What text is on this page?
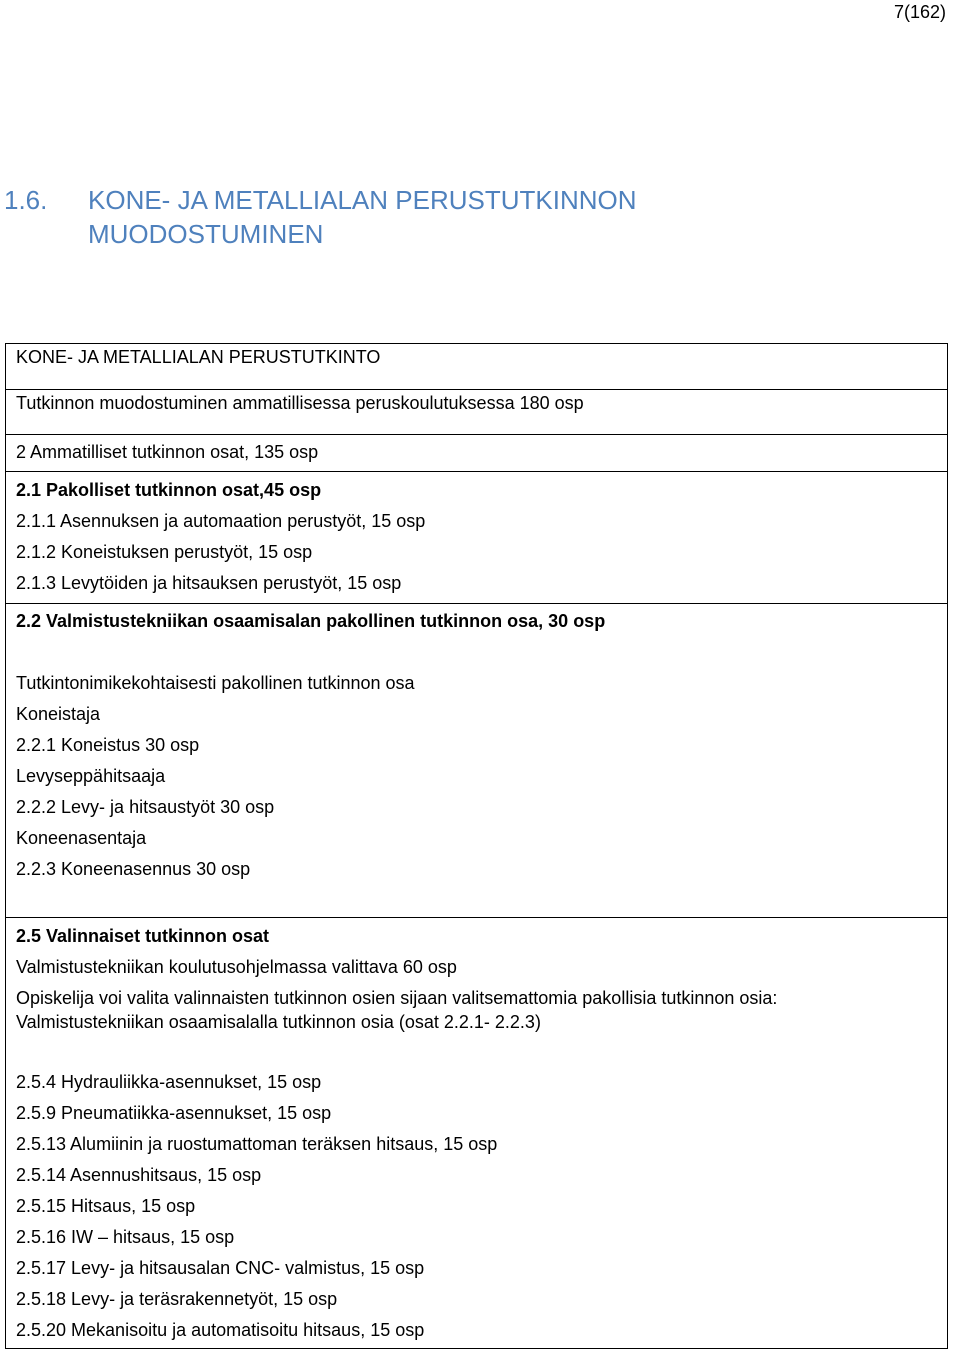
7(162)
1.6. KONE- JA METALLIALAN PERUSTUTKINNON
MUODOSTUMINEN
KONE- JA METALLIALAN PERUSTUTKINTO
Tutkinnon muodostuminen ammatillisessa peruskoulutuksessa 180 osp
2 Ammatilliset tutkinnon osat, 135 osp
2.1 Pakolliset tutkinnon osat,45 osp
2.1.1 Asennuksen ja automaation perustyöt, 15 osp
2.1.2 Koneistuksen perustyöt, 15 osp
2.1.3 Levytöiden ja hitsauksen perustyöt, 15 osp
2.2 Valmistustekniikan osaamisalan pakollinen tutkinnon osa, 30 osp
Tutkintonimikekohtaisesti pakollinen tutkinnon osa
Koneistaja
2.2.1 Koneistus 30 osp
Levyseppähitsaaja
2.2.2 Levy- ja hitsaustyöt 30 osp
Koneenasentaja
2.2.3 Koneenasennus 30 osp
2.5 Valinnaiset tutkinnon osat
Valmistustekniikan koulutusohjelmassa valittava 60 osp
Opiskelija voi valita valinnaisten tutkinnon osien sijaan valitsemattomia pakollisia tutkinnon osia:
Valmistustekniikan osaamisalalla tutkinnon osia (osat 2.2.1- 2.2.3)
2.5.4 Hydrauliikka-asennukset, 15 osp
2.5.9 Pneumatiikka-asennukset, 15 osp
2.5.13 Alumiinin ja ruostumattoman teräksen hitsaus, 15 osp
2.5.14 Asennushitsaus, 15 osp
2.5.15 Hitsaus, 15 osp
2.5.16 IW – hitsaus, 15 osp
2.5.17 Levy- ja hitsausalan CNC- valmistus, 15 osp
2.5.18 Levy- ja teräsrakennetyöt, 15 osp
2.5.20 Mekanisoitu ja automatisoitu hitsaus, 15 osp
